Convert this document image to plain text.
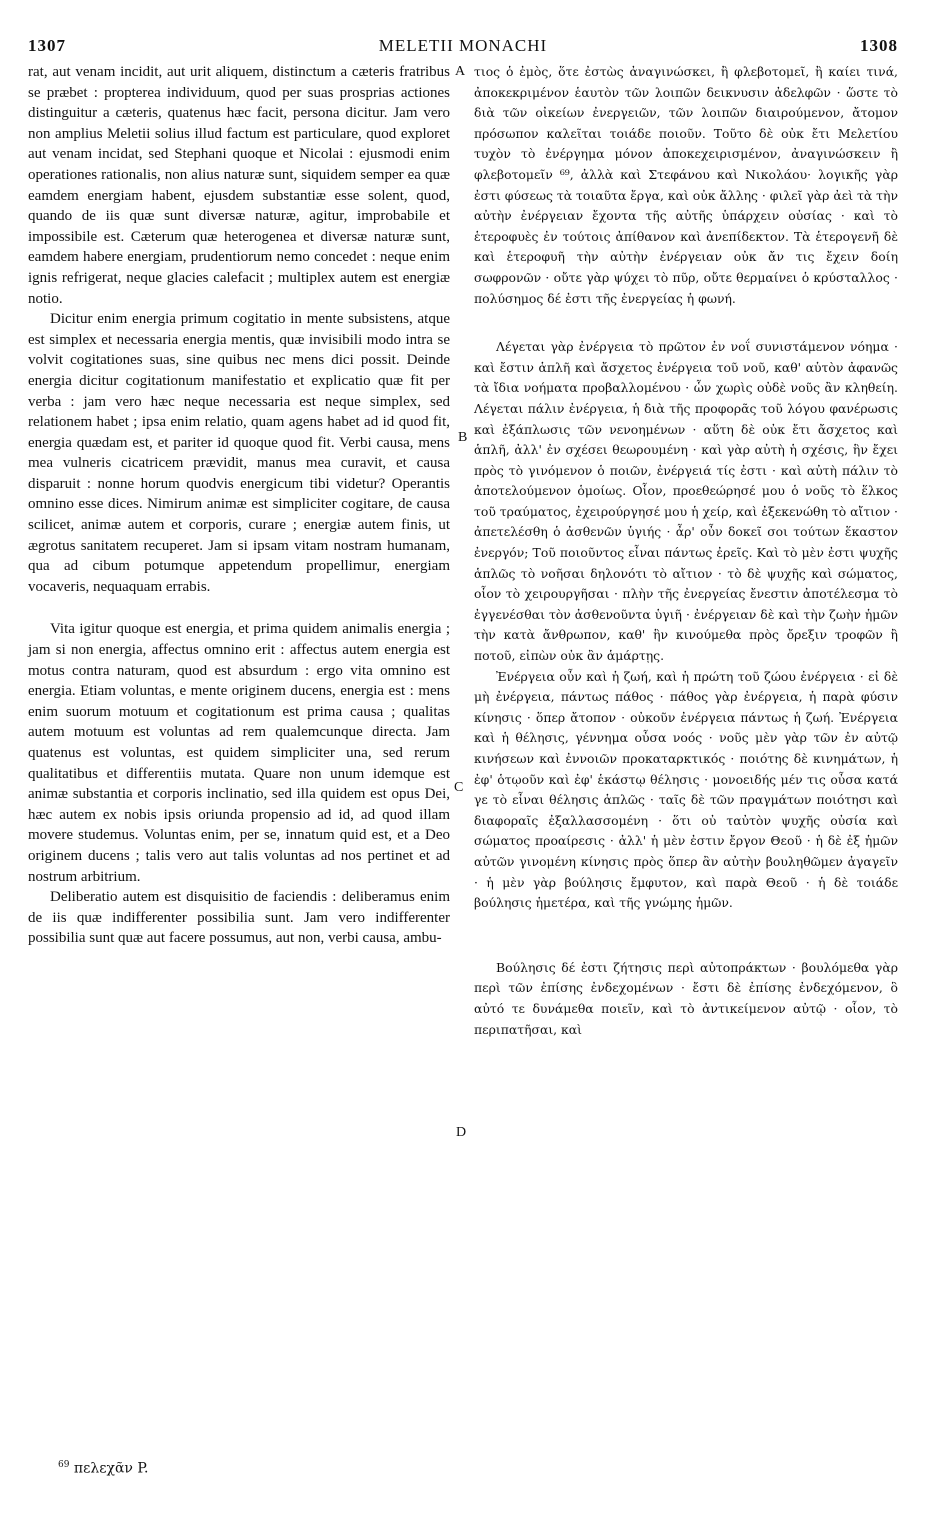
1307	MELETII MONACHI	1308
A
B
C
D

rat, aut venam incidit, aut urit aliquem, distinctum a cæteris fratribus se præbet : propterea individuum, quod per suas prosprias actiones distinguitur a cæteris, quatenus hæc facit, persona dicitur. Jam vero non amplius Meletii solius illud factum est particulare, quod exploret aut venam incidat, sed Stephani quoque et Nicolai : ejusmodi enim operationes rationalis, non alius naturæ sunt, siquidem semper ea quæ eamdem energiam habent, ejusdem substantiæ esse solent, quod, quando de iis quæ sunt diversæ naturæ, agitur, improbabile et impossibile est. Cæterum quæ heterogenea et diversæ naturæ sunt, eamdem habere energiam, prudentiorum nemo concedet : neque enim ignis refrigerat, neque glacies calefacit ; multiplex autem est energiæ notio.

Dicitur enim energia primum cogitatio in mente subsistens, atque est simplex et necessaria energia mentis, quæ invisibili modo intra se volvit cogitationes suas, sine quibus nec mens dici possit. Deinde energia dicitur cogitationum manifestatio et explicatio quæ fit per verba : jam vero hæc neque necessaria est neque simplex, sed relationem habet ; ipsa enim relatio, quam agens habet ad id quod fit, energia quædam est, et pariter id quoque quod fit. Verbi causa, mens mea vulneris cicatricem prævidit, manus mea curavit, et causa disparuit : nonne horum quodvis energicum tibi videtur? Operantis omnino esse dices. Nimirum animæ est simpliciter cogitare, de causa scilicet, animæ autem et corporis, curare ; energiæ autem finis, ut ægrotus sanitatem recuperet. Jam si ipsam vitam nostram humanam, qua ad cibum potumque appetendum propellimur, energiam vocaveris, nequaquam errabis.

Vita igitur quoque est energia, et prima quidem animalis energia ; jam si non energia, affectus omnino erit : affectus autem energia est motus contra naturam, quod est absurdum : ergo vita omnino est energia. Etiam voluntas, e mente originem ducens, energia est : mens enim suorum motuum et cogitationum est prima causa ; qualitas autem motuum est voluntas ad rem qualemcunque directa. Jam quatenus est voluntas, est quidem simpliciter una, sed rerum qualitatibus et differentiis mutata. Quare non unum idemque est animæ substantia et corporis inclinatio, sed illa quidem est opus Dei, hæc autem ex nobis ipsis oriunda propensio ad id, ad quod illam movere studemus. Voluntas enim, per se, innatum quid est, et a Deo originem ducens ; talis vero aut talis voluntas ad nos pertinet et ad nostrum arbitrium.

Deliberatio autem est disquisitio de faciendis : deliberamus enim de iis quæ indifferenter possibilia sunt. Jam vero indifferenter possibilia sunt quæ aut facere possumus, aut non, verbi causa, ambu-

τιος ὁ ἐμὸς, ὅτε ἐστὼς ἀναγινώσκει, ἢ φλεβοτομεῖ, ἢ καίει τινά, ἀποκεκριμένον ἑαυτὸν τῶν λοιπῶν δεικνυσιν ἀδελφῶν · ὥστε τὸ διὰ τῶν οἰκείων ἐνεργειῶν, τῶν λοιπῶν διαιρούμενον, ἄτομον πρόσωπον καλεῖται τοιάδε ποιοῦν. Τοῦτο δὲ οὐκ ἔτι Μελετίου τυχὸν τὸ ἐνέργημα μόνον ἀποκεχειρισμένον, ἀναγινώσκειν ἢ φλεβοτομεῖν ⁶⁹, ἀλλὰ καὶ Στεφάνου καὶ Νικολάου· λογικῆς γὰρ ἐστι φύσεως τὰ τοιαῦτα ἔργα, καὶ οὐκ ἄλλης · φιλεῖ γὰρ ἀεὶ τὰ τὴν αὐτὴν ἐνέργειαν ἔχοντα τῆς αὐτῆς ὑπάρχειν οὐσίας · καὶ τὸ ἑτεροφυὲς ἐν τούτοις ἀπίθανον καὶ ἀνεπίδεκτον. Τὰ ἑτερογενῆ δὲ καὶ ἑτεροφυῆ τὴν αὐτὴν ἐνέργειαν οὐκ ἄν τις ἔχειν δοίη σωφρονῶν · οὔτε γὰρ ψύχει τὸ πῦρ, οὔτε θερμαίνει ὁ κρύσταλλος · πολύσημος δέ ἐστι τῆς ἐνεργείας ἡ φωνή.

Λέγεται γὰρ ἐνέργεια τὸ πρῶτον ἐν νοΐ συνιστάμενον νόημα · καὶ ἔστιν ἁπλῆ καὶ ἄσχετος ἐνέργεια τοῦ νοῦ, καθ' αὑτὸν ἀφανῶς τὰ ἴδια νοήματα προβαλλομένου · ὧν χωρὶς οὐδὲ νοῦς ἂν κληθείη. Λέγεται πάλιν ἐνέργεια, ἡ διὰ τῆς προφορᾶς τοῦ λόγου φανέρωσις καὶ ἐξάπλωσις τῶν νενοημένων · αὕτη δὲ οὐκ ἔτι ἄσχετος καὶ ἁπλῆ, ἀλλ' ἐν σχέσει θεωρουμένη · καὶ γὰρ αὐτὴ ἡ σχέσις, ἣν ἔχει πρὸς τὸ γινόμενον ὁ ποιῶν, ἐνέργειά τίς ἐστι · καὶ αὐτὴ πάλιν τὸ ἀποτελούμενον ὁμοίως. Οἷον, προεθεώρησέ μου ὁ νοῦς τὸ ἕλκος τοῦ τραύματος, ἐχειρούργησέ μου ἡ χείρ, καὶ ἐξεκενώθη τὸ αἴτιον · ἀπετελέσθη ὁ ἀσθενῶν ὑγιής · ἆρ' οὖν δοκεῖ σοι τούτων ἕκαστον ἐνεργόν; Τοῦ ποιοῦντος εἶναι πάντως ἐρεῖς. Καὶ τὸ μὲν ἐστι ψυχῆς ἁπλῶς τὸ νοῆσαι δηλονότι τὸ αἴτιον · τὸ δὲ ψυχῆς καὶ σώματος, οἷον τὸ χειρουργῆσαι · πλὴν τῆς ἐνεργείας ἔνεστιν ἀποτέλεσμα τὸ ἐγγενέσθαι τὸν ἀσθενοῦντα ὑγιῆ · ἐνέργειαν δὲ καὶ τὴν ζωὴν ἡμῶν τὴν κατὰ ἄνθρωπον, καθ' ἣν κινούμεθα πρὸς ὄρεξιν τροφῶν ἢ ποτοῦ, εἰπὼν οὐκ ἂν ἁμάρτῃς.

Ἐνέργεια οὖν καὶ ἡ ζωή, καὶ ἡ πρώτη τοῦ ζώου ἐνέργεια · εἰ δὲ μὴ ἐνέργεια, πάντως πάθος · πάθος γὰρ ἐνέργεια, ἡ παρὰ φύσιν κίνησις · ὅπερ ἄτοπον · οὐκοῦν ἐνέργεια πάντως ἡ ζωή. Ἐνέργεια καὶ ἡ θέλησις, γέννημα οὖσα νοός · νοῦς μὲν γὰρ τῶν ἐν αὐτῷ κινήσεων καὶ ἐννοιῶν προκαταρκτικός · ποιότης δὲ κινημάτων, ἡ ἐφ' ὁτῳοῦν καὶ ἐφ' ἑκάστῳ θέλησις · μονοειδής μέν τις οὖσα κατά γε τὸ εἶναι θέλησις ἁπλῶς · ταῖς δὲ τῶν πραγμάτων ποιότησι καὶ διαφοραῖς ἐξαλλασσομένη · ὅτι οὐ ταὐτὸν ψυχῆς οὐσία καὶ σώματος προαίρεσις · ἀλλ' ἡ μὲν ἐστιν ἔργον Θεοῦ · ἡ δὲ ἐξ ἡμῶν αὐτῶν γινομένη κίνησις πρὸς ὅπερ ἂν αὐτὴν βουληθῶμεν ἀγαγεῖν · ἡ μὲν γὰρ βούλησις ἔμφυτον, καὶ παρὰ Θεοῦ · ἡ δὲ τοιάδε βούλησις ἡμετέρα, καὶ τῆς γνώμης ἡμῶν.

Βούλησις δέ ἐστι ζήτησις περὶ αὐτοπράκτων · βουλόμεθα γὰρ περὶ τῶν ἐπίσης ἐνδεχομένων · ἔστι δὲ ἐπίσης ἐνδεχόμενον, ὃ αὐτό τε δυνάμεθα ποιεῖν, καὶ τὸ ἀντικείμενον αὐτῷ · οἷον, τὸ περιπατῆσαι, καὶ

$^{69}$ πελεχᾶν P.
